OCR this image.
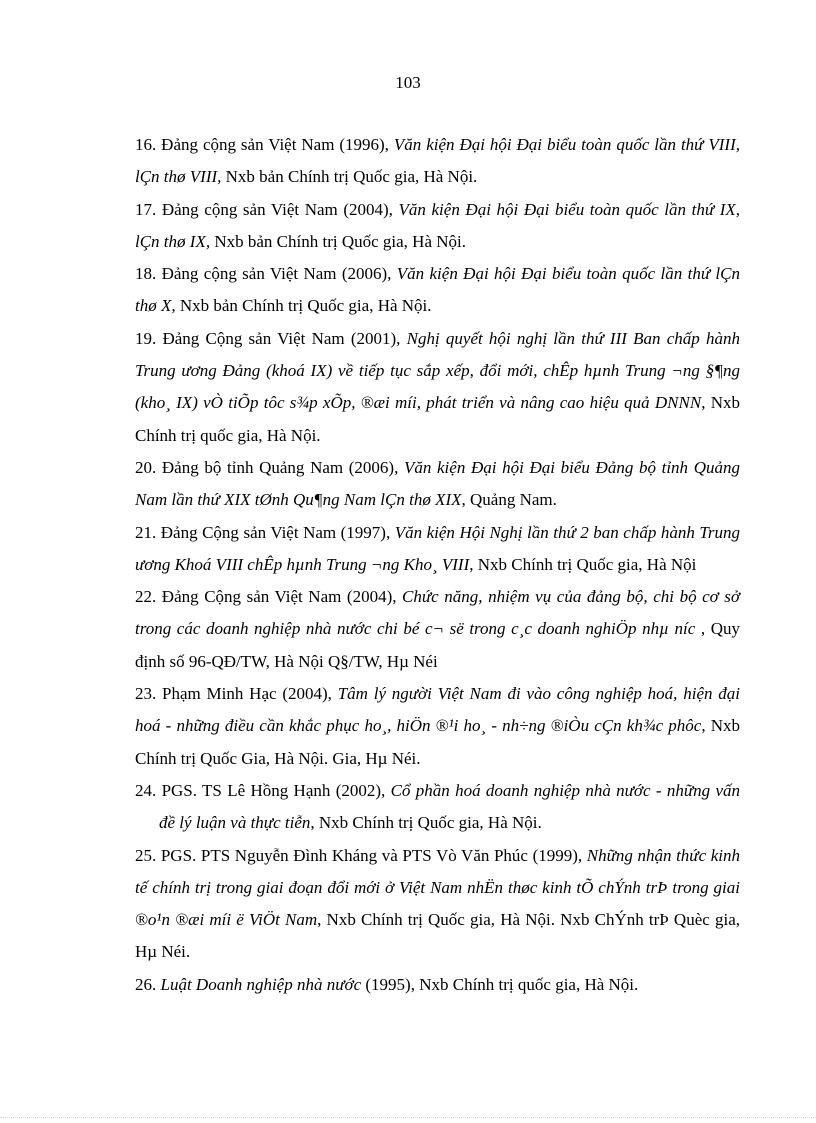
103
16. Đảng cộng sản Việt Nam (1996), Văn kiện Đại hội Đại biểu toàn quốc lần thứ VIII, lÇn thø VIII, Nxb bản Chính trị Quốc gia, Hà Nội.
17. Đảng cộng sản Việt Nam (2004), Văn kiện Đại hội Đại biểu toàn quốc lần thứ IX, lÇn thø IX, Nxb bản Chính trị Quốc gia, Hà Nội.
18. Đảng cộng sản Việt Nam (2006), Văn kiện Đại hội Đại biểu toàn quốc lần thứ lÇn thø X, Nxb bản Chính trị Quốc gia, Hà Nội.
19. Đảng Cộng sản Việt Nam (2001), Nghị quyết hội nghị lần thứ III Ban chấp hành Trung ương Đảng (khoá IX) về tiếp tục sắp xếp, đổi mới, chÊp hµnh Trung ¬ng §¶ng (kho¸ IX) vÒ tiÕp tôc s¾p xÕp, ®æi míi, phát triển và nâng cao hiệu quả DNNN, Nxb Chính trị quốc gia, Hà Nội.
20. Đảng bộ tỉnh Quảng Nam (2006), Văn kiện Đại hội Đại biểu Đảng bộ tỉnh Quảng Nam lần thứ XIX tØnh Qu¶ng Nam lÇn thø XIX, Quảng Nam.
21. Đảng Cộng sản Việt Nam (1997), Văn kiện Hội Nghị lần thứ 2 ban chấp hành Trung ương Khoá VIII chÊp hµnh Trung ¬ng Kho¸ VIII, Nxb Chính trị Quốc gia, Hà Nội
22. Đảng Cộng sản Việt Nam (2004), Chức năng, nhiệm vụ của đảng bộ, chi bộ cơ sở trong các doanh nghiệp nhà nước chi bé c¬ së trong c¸c doanh nghiÖp nhµ níc , Quy định số 96-QĐ/TW, Hà Nội Q§/TW, Hµ Néi
23. Phạm Minh Hạc (2004), Tâm lý người Việt Nam đi vào công nghiệp hoá, hiện đại hoá - những điều cần khắc phục ho¸, hiÖn ®¹i ho¸ - nh÷ng ®iÒu cÇn kh¾c phôc, Nxb Chính trị Quốc Gia, Hà Nội. Gia, Hµ Néi.
24. PGS. TS Lê Hồng Hạnh (2002), Cổ phần hoá doanh nghiệp nhà nước - những vấn đề lý luận và thực tiễn, Nxb Chính trị Quốc gia, Hà Nội.
25. PGS. PTS Nguyễn Đình Kháng và PTS Vò Văn Phúc (1999), Những nhận thức kinh tế chính trị trong giai đoạn đổi mới ở Việt Nam nhËn thøc kinh tÕ chÝnh trÞ trong giai ®o¹n ®æi míi ë ViÖt Nam, Nxb Chính trị Quốc gia, Hà Nội. Nxb ChÝnh trÞ Quèc gia, Hµ Néi.
26. Luật Doanh nghiệp nhà nước (1995), Nxb Chính trị quốc gia, Hà Nội.
